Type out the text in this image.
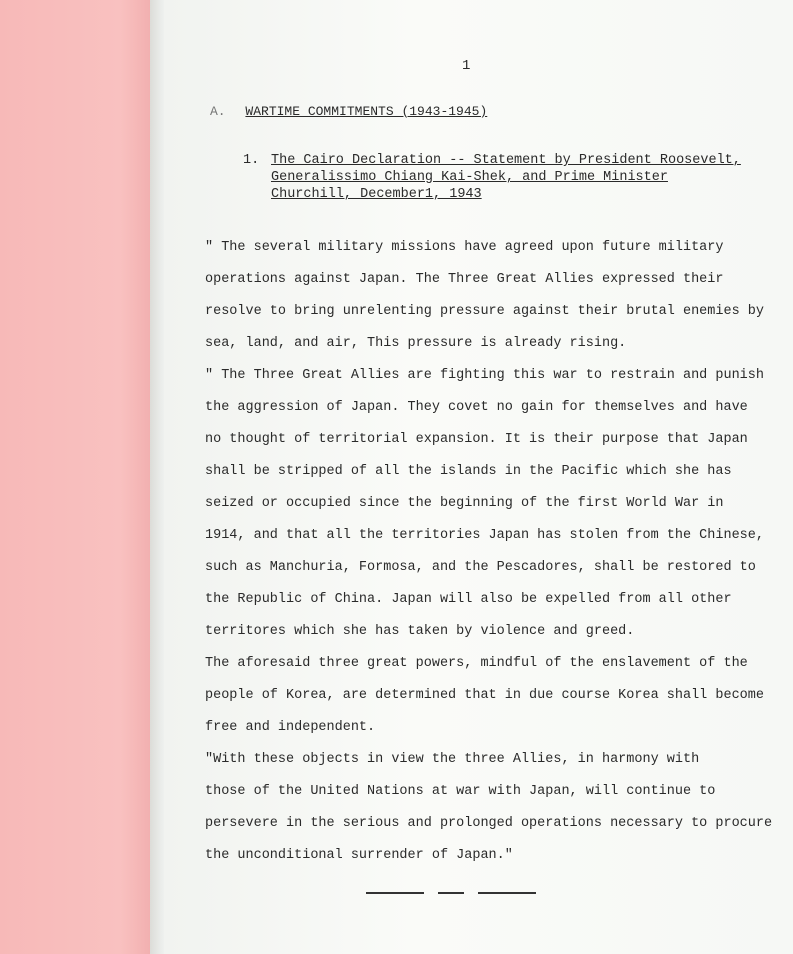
1
A. WARTIME COMMITMENTS (1943-1945)
1. The Cairo Declaration -- Statement by President Roosevelt,
Generalissimo Chiang Kai-Shek, and Prime Minister
Churchill, December1, 1943
" The several military missions have agreed upon future military
operations against Japan. The Three Great Allies expressed their
resolve to bring unrelenting pressure against their brutal enemies by
sea, land, and air, This pressure is already rising.
" The Three Great Allies are fighting this war to restrain and punish
the aggression of Japan. They covet no gain for themselves and have
no thought of territorial expansion. It is their purpose that Japan
shall be stripped of all the islands in the Pacific which she has
seized or occupied since the beginning of the first World War in
1914, and that all the territories Japan has stolen from the Chinese,
such as Manchuria, Formosa, and the Pescadores, shall be restored to
the Republic of China. Japan will also be expelled from all other
territores which she has taken by violence and greed.
The aforesaid three great powers, mindful of the enslavement of the
people of Korea, are determined that in due course Korea shall become
free and independent.
"With these objects in view the three Allies, in harmony with
those of the United Nations at war with Japan, will continue to
persevere in the serious and prolonged operations necessary to procure
the unconditional surrender of Japan."
